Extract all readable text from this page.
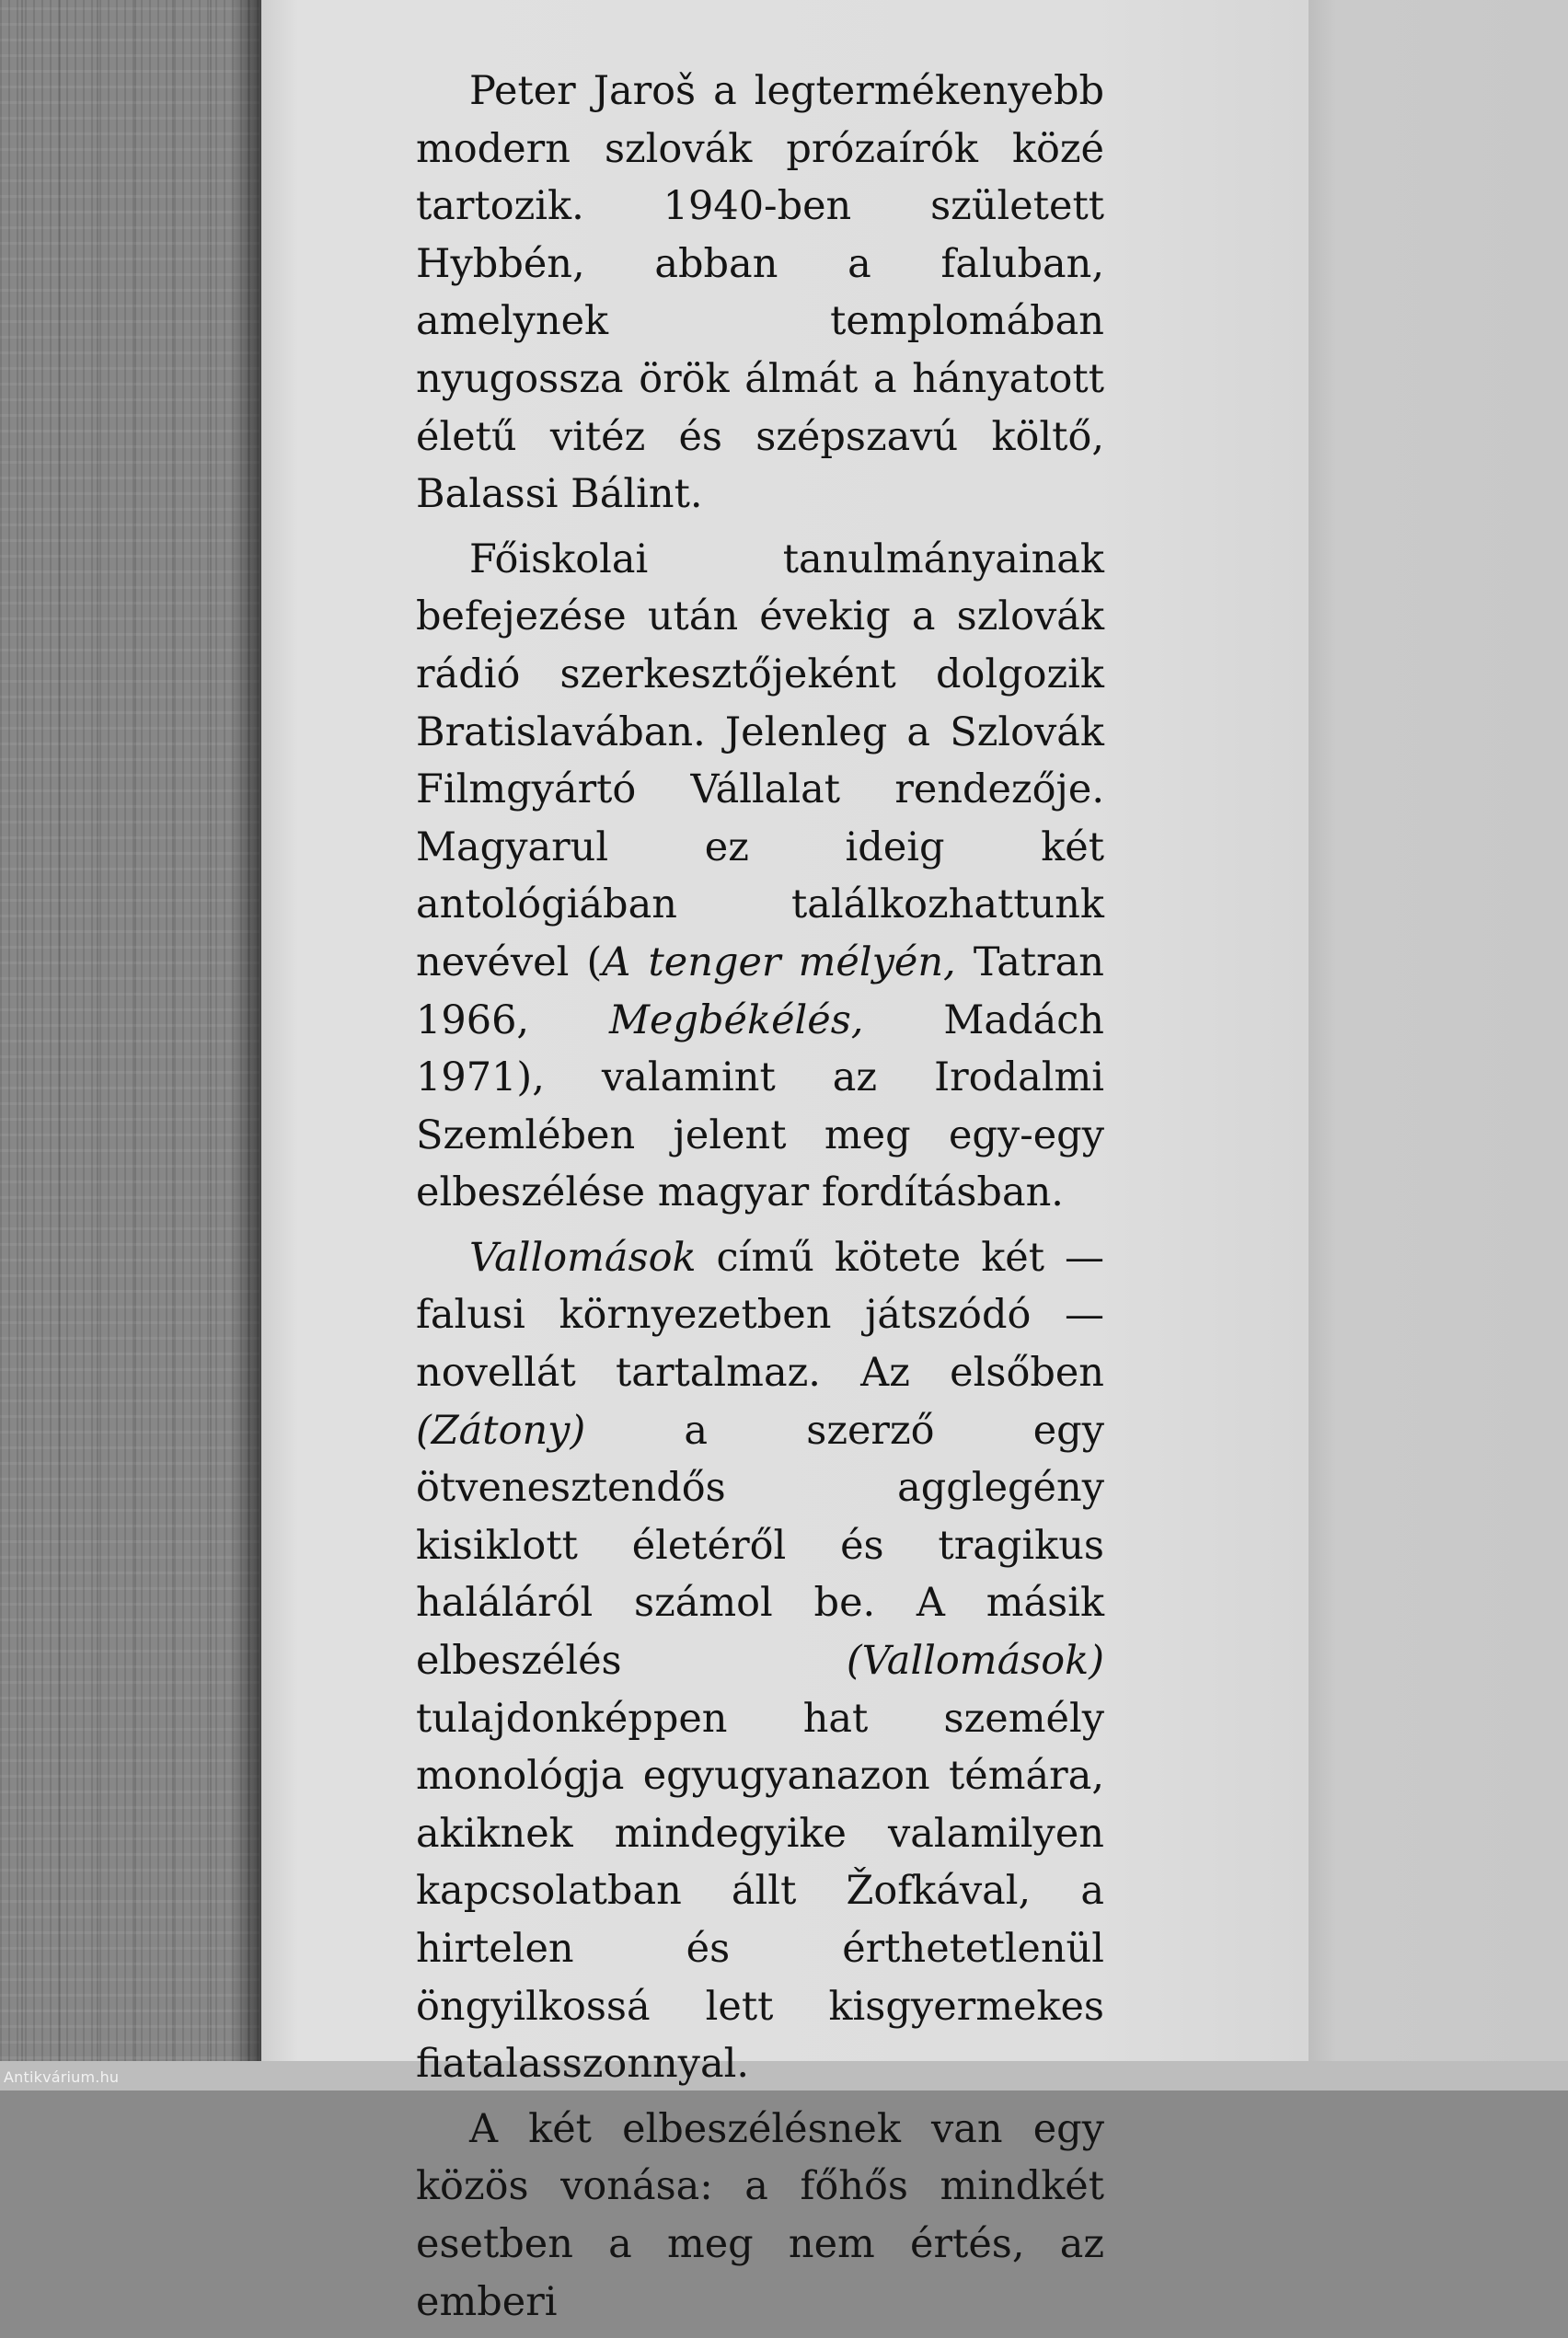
Peter Jaroš a legtermékenyebb modern szlovák prózaírók közé tartozik. 1940-ben született Hybbén, abban a faluban, amelynek templomában nyugossza örök álmát a hányatott életű vitéz és szépszavú költő, Balassi Bálint.

Főiskolai tanulmányainak befejezése után évekig a szlovák rádió szerkesztőjeként dolgozik Bratislavában. Jelenleg a Szlovák Filmgyártó Vállalat rendezője. Magyarul ez ideig két antológiában találkozhattunk nevével (A tenger mélyén, Tatran 1966, Megbékélés, Madách 1971), valamint az Irodalmi Szemlében jelent meg egy-egy elbeszélése magyar fordításban.

Vallomások című kötete két — falusi környezetben játszódó — novellát tartalmaz. Az elsőben (Zátony) a szerző egy ötvenesztendős agglegény kisiklott életéről és tragikus haláláról számol be. A másik elbeszélés (Vallomások) tulajdonképpen hat személy monológja egyugyanazon témára, akiknek mindegyike valamilyen kapcsolatban állt Žofkával, a hirtelen és érthetetlenül öngyilkossá lett kisgyermekes fiatalasszonnyal.

A két elbeszélésnek van egy közös vonása: a főhős mindkét esetben a meg nem értés, az emberi

Antikvárium.hu
